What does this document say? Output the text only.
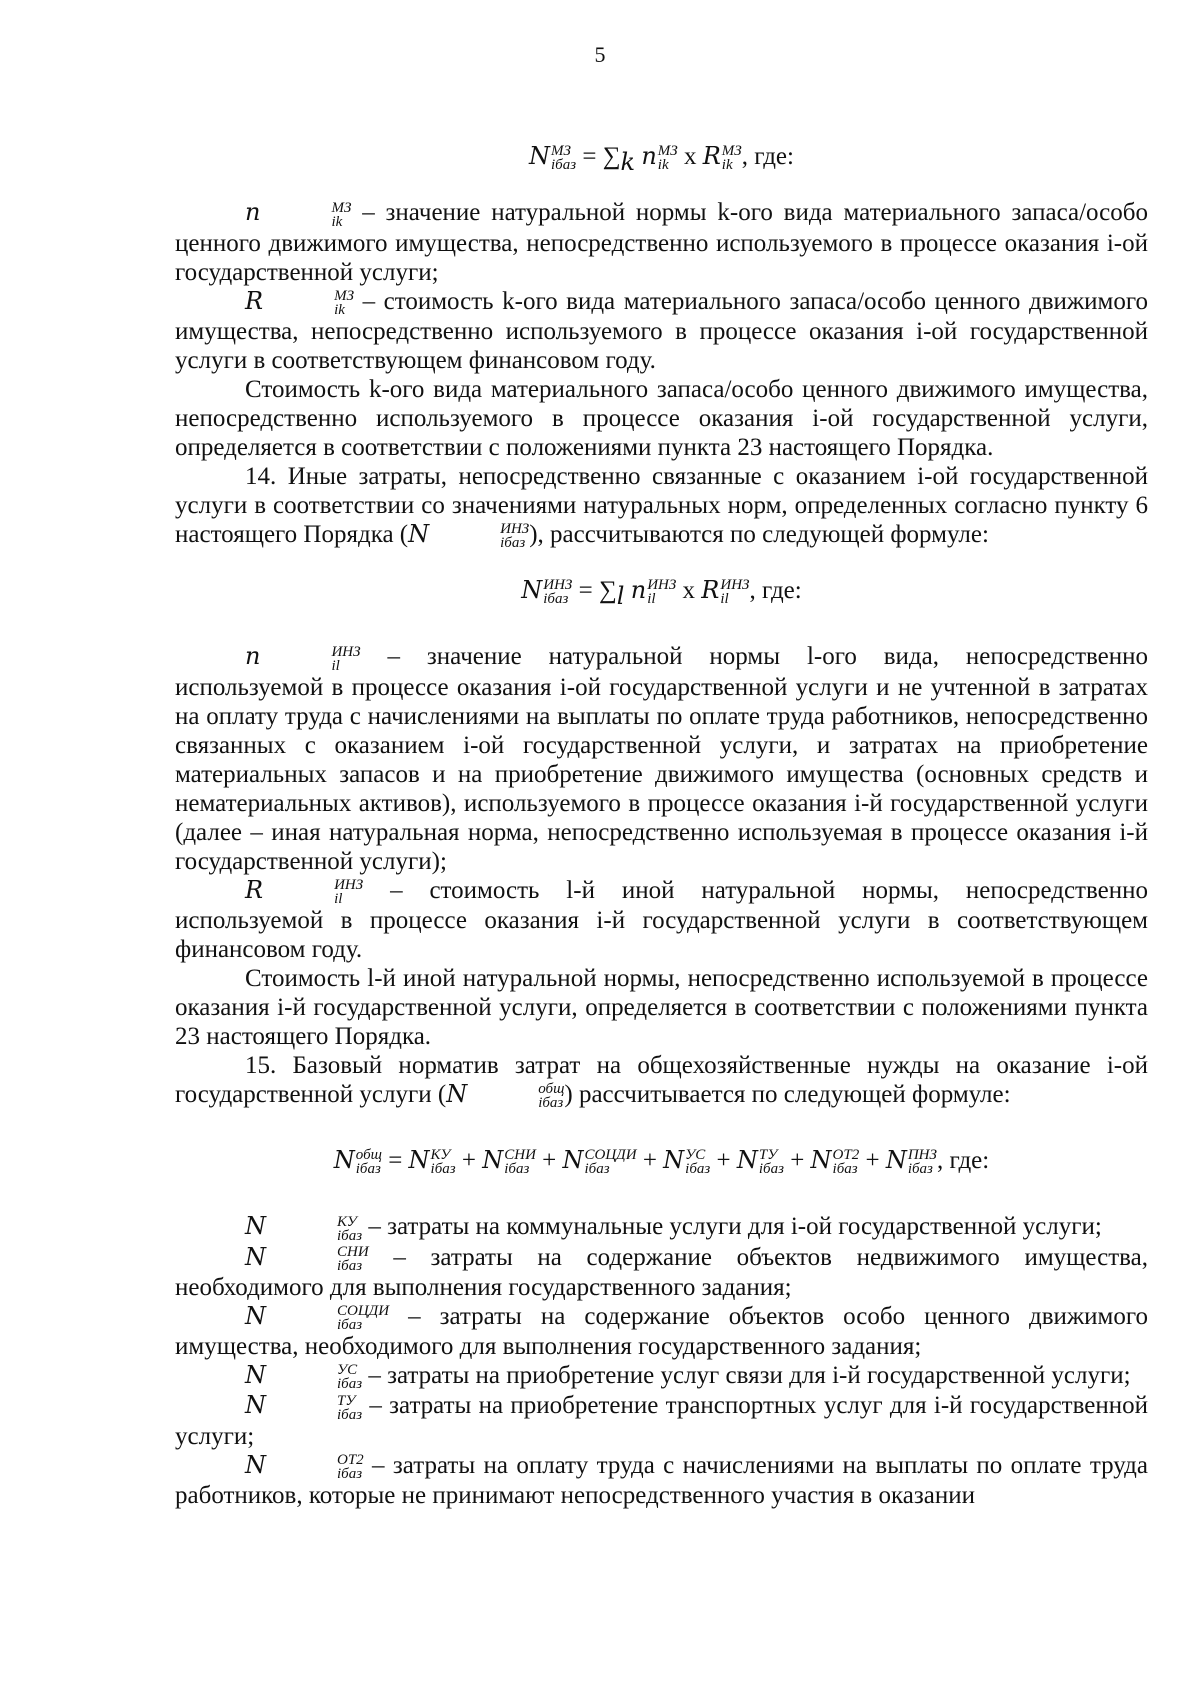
5
N МЗ
iбаз = $\sum_k$ n МЗ
ik x R МЗ
ik , где:

n	МЗ
ik – значение натуральной нормы k-ого вида материального запаса/особо ценного движимого имущества, непосредственно используемого в процессе оказания i-ой государственной услуги;

R	МЗ
ik – стоимость k-ого вида материального запаса/особо ценного движимого имущества, непосредственно используемого в процессе оказания i-ой государственной услуги в соответствующем финансовом году.

Стоимость k-ого вида материального запаса/особо ценного движимого имущества, непосредственно используемого в процессе оказания i-ой государственной услуги, определяется в соответствии с положениями пункта 23 настоящего Порядка.

14. Иные затраты, непосредственно связанные с оказанием i-ой государственной услуги в соответствии со значениями натуральных норм, определенных согласно пункту 6 настоящего Порядка (N	ИНЗ
iбаз ), рассчитываются по следующей формуле:

N ИНЗ
iбаз = $\sum_l$ n ИНЗ
il	x R ИНЗ
il , где:

n	ИНЗ
il – значение натуральной нормы l-ого вида, непосредственно используемой в процессе оказания i-ой государственной услуги и не учтенной в затратах на оплату труда с начислениями на выплаты по оплате труда работников, непосредственно связанных с оказанием i-ой государственной услуги, и затратах на приобретение материальных запасов и на приобретение движимого имущества (основных средств и нематериальных активов), используемого в процессе оказания i-й государственной услуги (далее – иная натуральная норма, непосредственно используемая в процессе оказания i-й государственной услуги);

R	ИНЗ
il – стоимость l-й иной натуральной нормы, непосредственно используемой в процессе оказания i-й государственной услуги в соответствующем финансовом году.

Стоимость l-й иной натуральной нормы, непосредственно используемой в процессе оказания i-й государственной услуги, определяется в соответствии с положениями пункта 23 настоящего Порядка.

15. Базовый норматив затрат на общехозяйственные нужды на оказание i-ой государственной услуги (N	общ
iбаз ) рассчитывается по следующей формуле:

N общ
iбаз = N КУ
iбаз + N СНИ
iбаз + N СОЦДИ
iбаз	+ N УС
iбаз + N ТУ
iбаз + N ОТ2
iбаз + N ПНЗ
iбаз , где:

N	КУ
iбаз – затраты на коммунальные услуги для i-ой государственной услуги;

N	СНИ
iбаз – затраты на содержание объектов недвижимого имущества, необходимого для выполнения государственного задания;

N	СОЦДИ
iбаз	– затраты на содержание объектов особо ценного движимого имущества, необходимого для выполнения государственного задания;

N	УС
iбаз – затраты на приобретение услуг связи для i-й государственной услуги;

N	ТУ
iбаз – затраты на приобретение транспортных услуг для i-й государственной услуги;

N	ОТ2
iбаз – затраты на оплату труда с начислениями на выплаты по оплате труда работников, которые не принимают непосредственного участия в оказании
